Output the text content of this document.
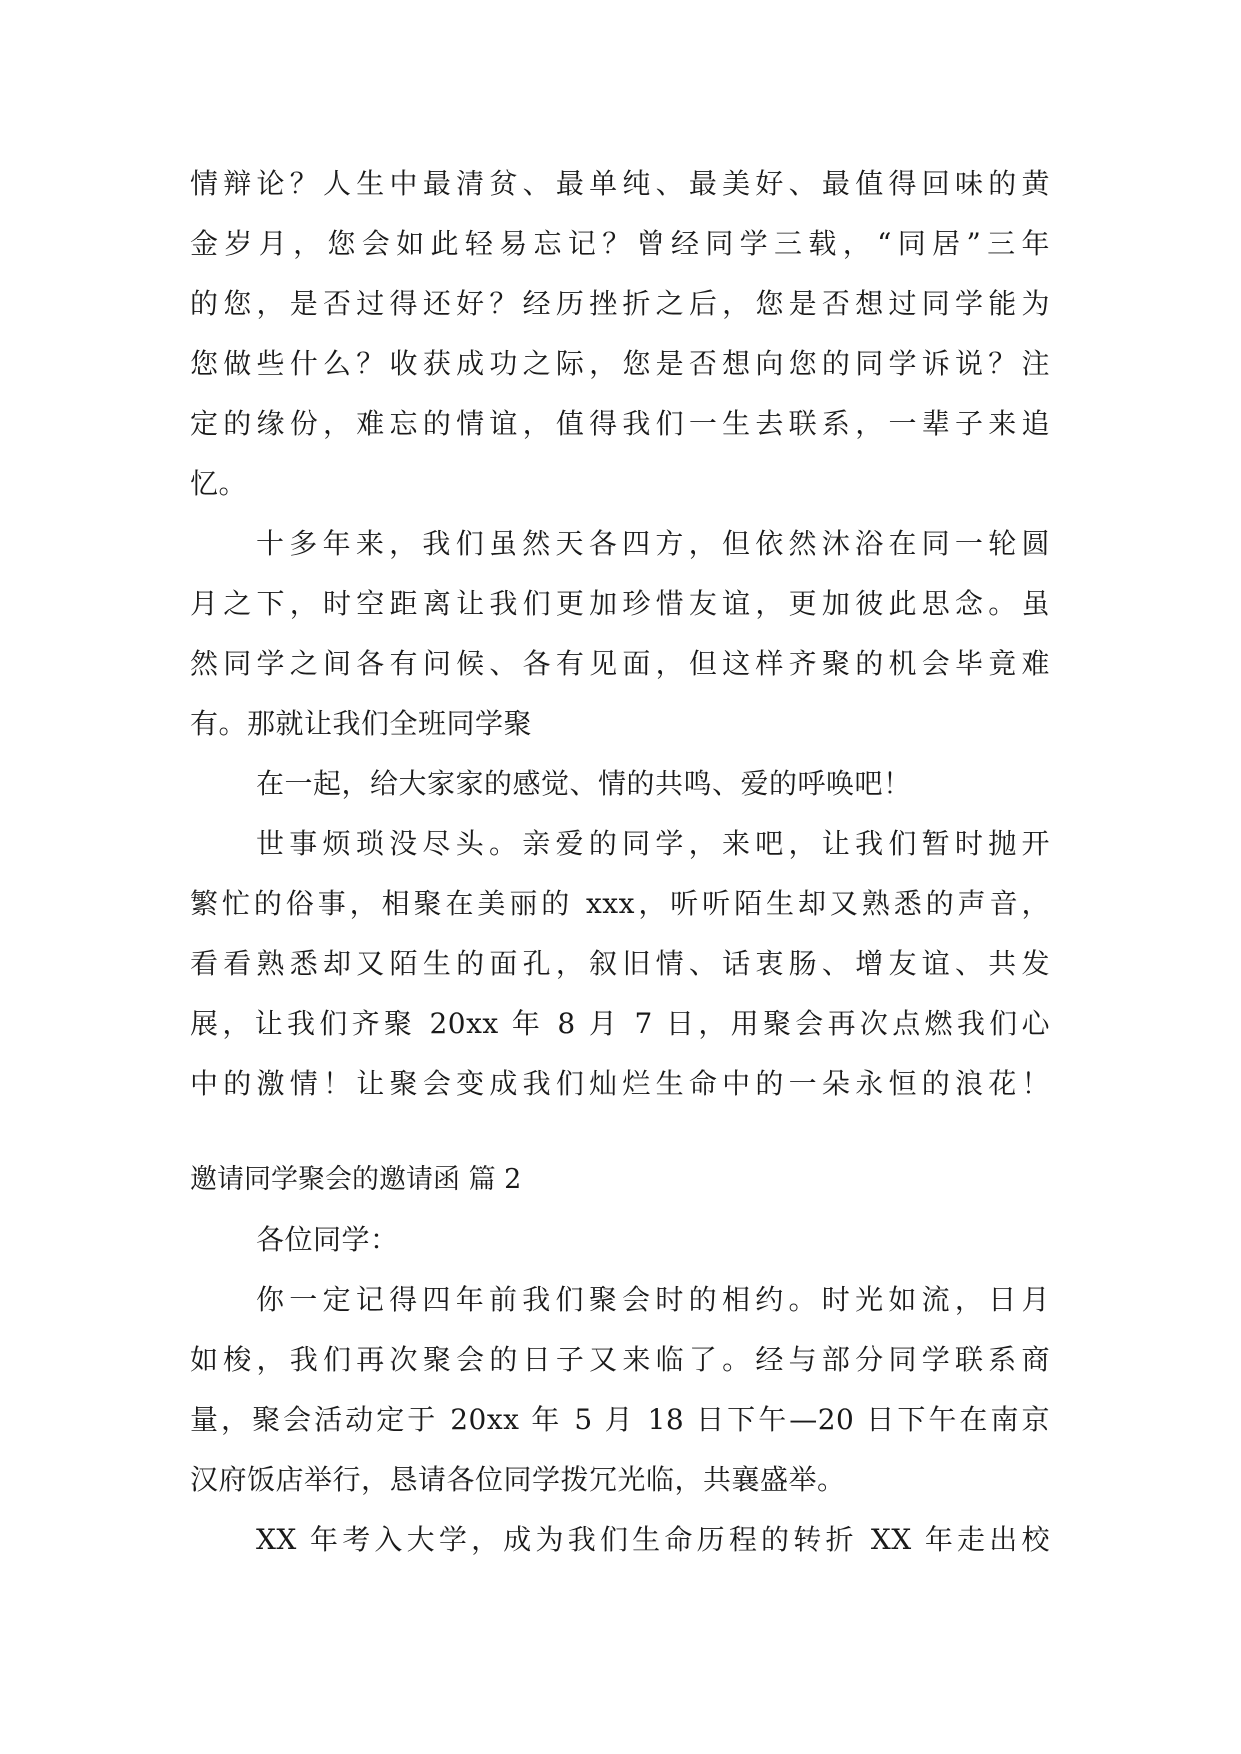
情辩论？人生中最清贫、最单纯、最美好、最值得回味的黄
金岁月，您会如此轻易忘记？曾经同学三载，“同居”三年
的您，是否过得还好？经历挫折之后，您是否想过同学能为
您做些什么？收获成功之际，您是否想向您的同学诉说？注
定的缘份，难忘的情谊，值得我们一生去联系，一辈子来追
忆。
十多年来，我们虽然天各四方，但依然沐浴在同一轮圆
月之下，时空距离让我们更加珍惜友谊，更加彼此思念。虽
然同学之间各有问候、各有见面，但这样齐聚的机会毕竟难
有。那就让我们全班同学聚
在一起，给大家家的感觉、情的共鸣、爱的呼唤吧！
世事烦琐没尽头。亲爱的同学，来吧，让我们暂时抛开
繁忙的俗事，相聚在美丽的 xxx，听听陌生却又熟悉的声音，
看看熟悉却又陌生的面孔，叙旧情、话衷肠、增友谊、共发
展，让我们齐聚 20xx 年 8 月 7 日，用聚会再次点燃我们心
中的激情！让聚会变成我们灿烂生命中的一朵永恒的浪花！
邀请同学聚会的邀请函 篇 2
各位同学：
你一定记得四年前我们聚会时的相约。时光如流，日月
如梭，我们再次聚会的日子又来临了。经与部分同学联系商
量，聚会活动定于 20xx 年 5 月 18 日下午—20 日下午在南京
汉府饭店举行，恳请各位同学拨冗光临，共襄盛举。
XX 年考入大学，成为我们生命历程的转折 XX 年走出校
